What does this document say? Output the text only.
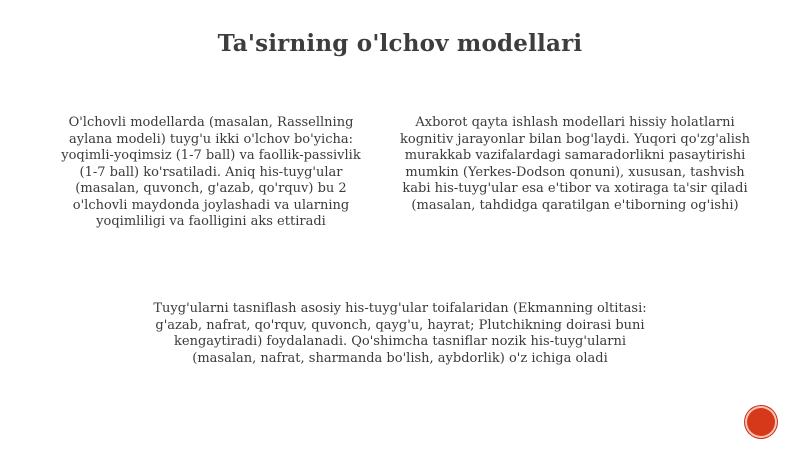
Ta'sirning o'lchov modellari

O'lchovli modellarda (masalan, Rassellning aylana modeli) tuyg'u ikki o'lchov bo'yicha: yoqimli-yoqimsiz (1-7 ball) va faollik-passivlik (1-7 ball) ko'rsatiladi. Aniq his-tuyg'ular (masalan, quvonch, g'azab, qo'rquv) bu 2 o'lchovli maydonda joylashadi va ularning yoqimliligi va faolligini aks ettiradi

Axborot qayta ishlash modellari hissiy holatlarni kognitiv jarayonlar bilan bog'laydi. Yuqori qo'zg'alish murakkab vazifalardagi samaradorlikni pasaytirishi mumkin (Yerkes-Dodson qonuni), xususan, tashvish kabi his-tuyg'ular esa e'tibor va xotiraga ta'sir qiladi (masalan, tahdidga qaratilgan e'tiborning og'ishi)

Tuyg'ularni tasniflash asosiy his-tuyg'ular toifalaridan (Ekmanning oltitasi: g'azab, nafrat, qo'rquv, quvonch, qayg'u, hayrat; Plutchikning doirasi buni kengaytiradi) foydalanadi. Qo'shimcha tasniflar nozik his-tuyg'ularni (masalan, nafrat, sharmanda bo'lish, aybdorlik) o'z ichiga oladi
